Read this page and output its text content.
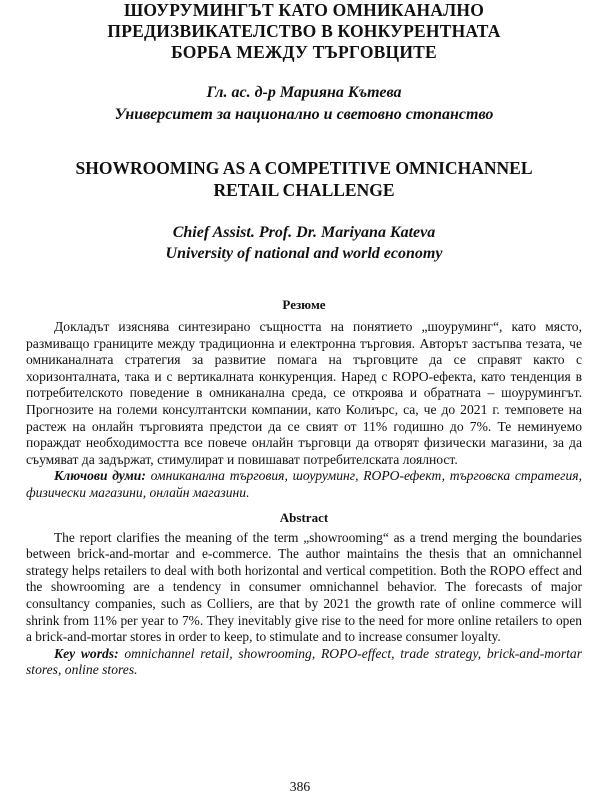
ШОУРУМИНГЪТ КАТО ОМНИКАНАЛНО
ПРЕДИЗВИКАТЕЛСТВО В КОНКУРЕНТНАТА
БОРБА МЕЖДУ ТЪРГОВЦИТЕ
Гл. ас. д-р Марияна Кътева
Университет за национално и световно стопанство
SHOWROOMING AS A COMPETITIVE OMNICHANNEL
RETAIL CHALLENGE
Chief Assist. Prof. Dr. Mariyana Kateva
University of national and world economy
Резюме

Докладът изяснява синтезирано същността на понятието „шоуруминг“, като място, размиващо границите между традиционна и електронна търговия. Авторът застъпва тезата, че омниканалната стратегия за развитие помага на търговците да се справят както с хоризонталната, така и с вертикалната конкуренция. Наред с ROPO-ефекта, като тенденция в потребителското поведение в омниканална среда, се откроява и обратната – шоуруминг‍ът. Прогнозите на големи консултантски компании, като Колиърс, са, че до 2021 г. темповете на растеж на онлайн търговията предстои да се свият от 11% годишно до 7%. Те неминуемо пораждат необходимостта все повече онлайн търговци да отворят физически магазини, за да съумяват да задържат, стимулират и повишават потребителската лоялност.

Ключови думи: омниканална търговия, шоуруминг, ROPO-ефект, търговска стратегия, физически магазини, онлайн магазини.

Abstract

The report clarifies the meaning of the term „showrooming“ as a trend merging the boundaries between brick-and-mortar and e-commerce. The author maintains the thesis that an omnichannel strategy helps retailers to deal with both horizontal and vertical competition. Both the ROPO effect and the showrooming are a tendency in consumer omnichannel behavior. The forecasts of major consultancy companies, such as Colliers, are that by 2021 the growth rate of online commerce will shrink from 11% per year to 7%. They inevitably give rise to the need for more online retailers to open a brick-and-mortar stores in order to keep, to stimulate and to increase consumer loyalty.

Key words: omnichannel retail, showrooming, ROPO-effect, trade strategy, brick-and-mortar stores, online stores.

386
